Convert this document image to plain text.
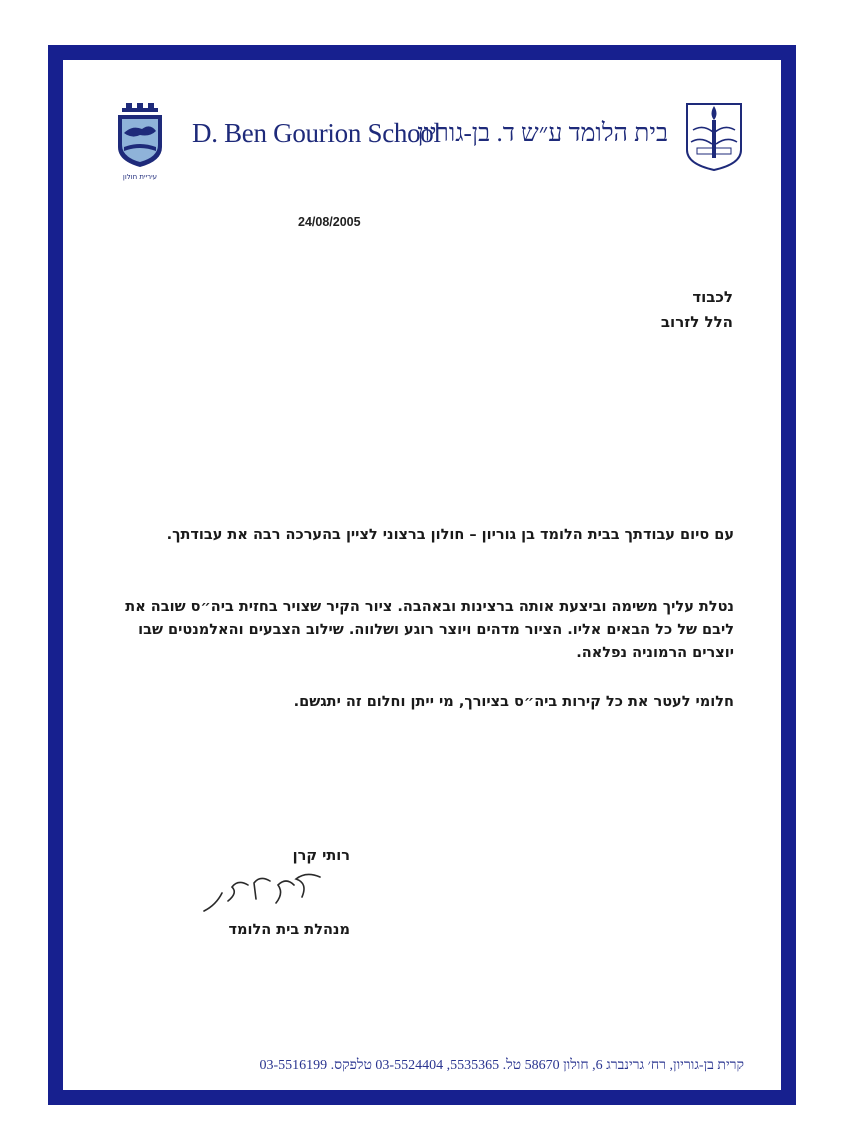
עיריית חולון
D. Ben Gourion School
בית הלומד ע״ש ד. בן-גוריון
24/08/2005
לכבוד
הלל לזרוב
עם סיום עבודתך בבית הלומד בן גוריון – חולון ברצוני לציין בהערכה רבה את עבודתך.
נטלת עליך משימה וביצעת אותה ברצינות ובאהבה. ציור הקיר שצויר בחזית ביה״ס שובה את ליבם של כל הבאים אליו. הציור מדהים ויוצר רוגע ושלווה. שילוב הצבעים והאלמנטים שבו יוצרים הרמוניה נפלאה.
חלומי לעטר את כל קירות ביה״ס בציורך, מי ייתן וחלום זה יתגשם.
רותי קרן
מנהלת בית הלומד
קרית בן-גוריון, רח׳ גרינברג 6, חולון 58670 טל. 5535365, 03-5524404 טלפקס. 03-5516199
